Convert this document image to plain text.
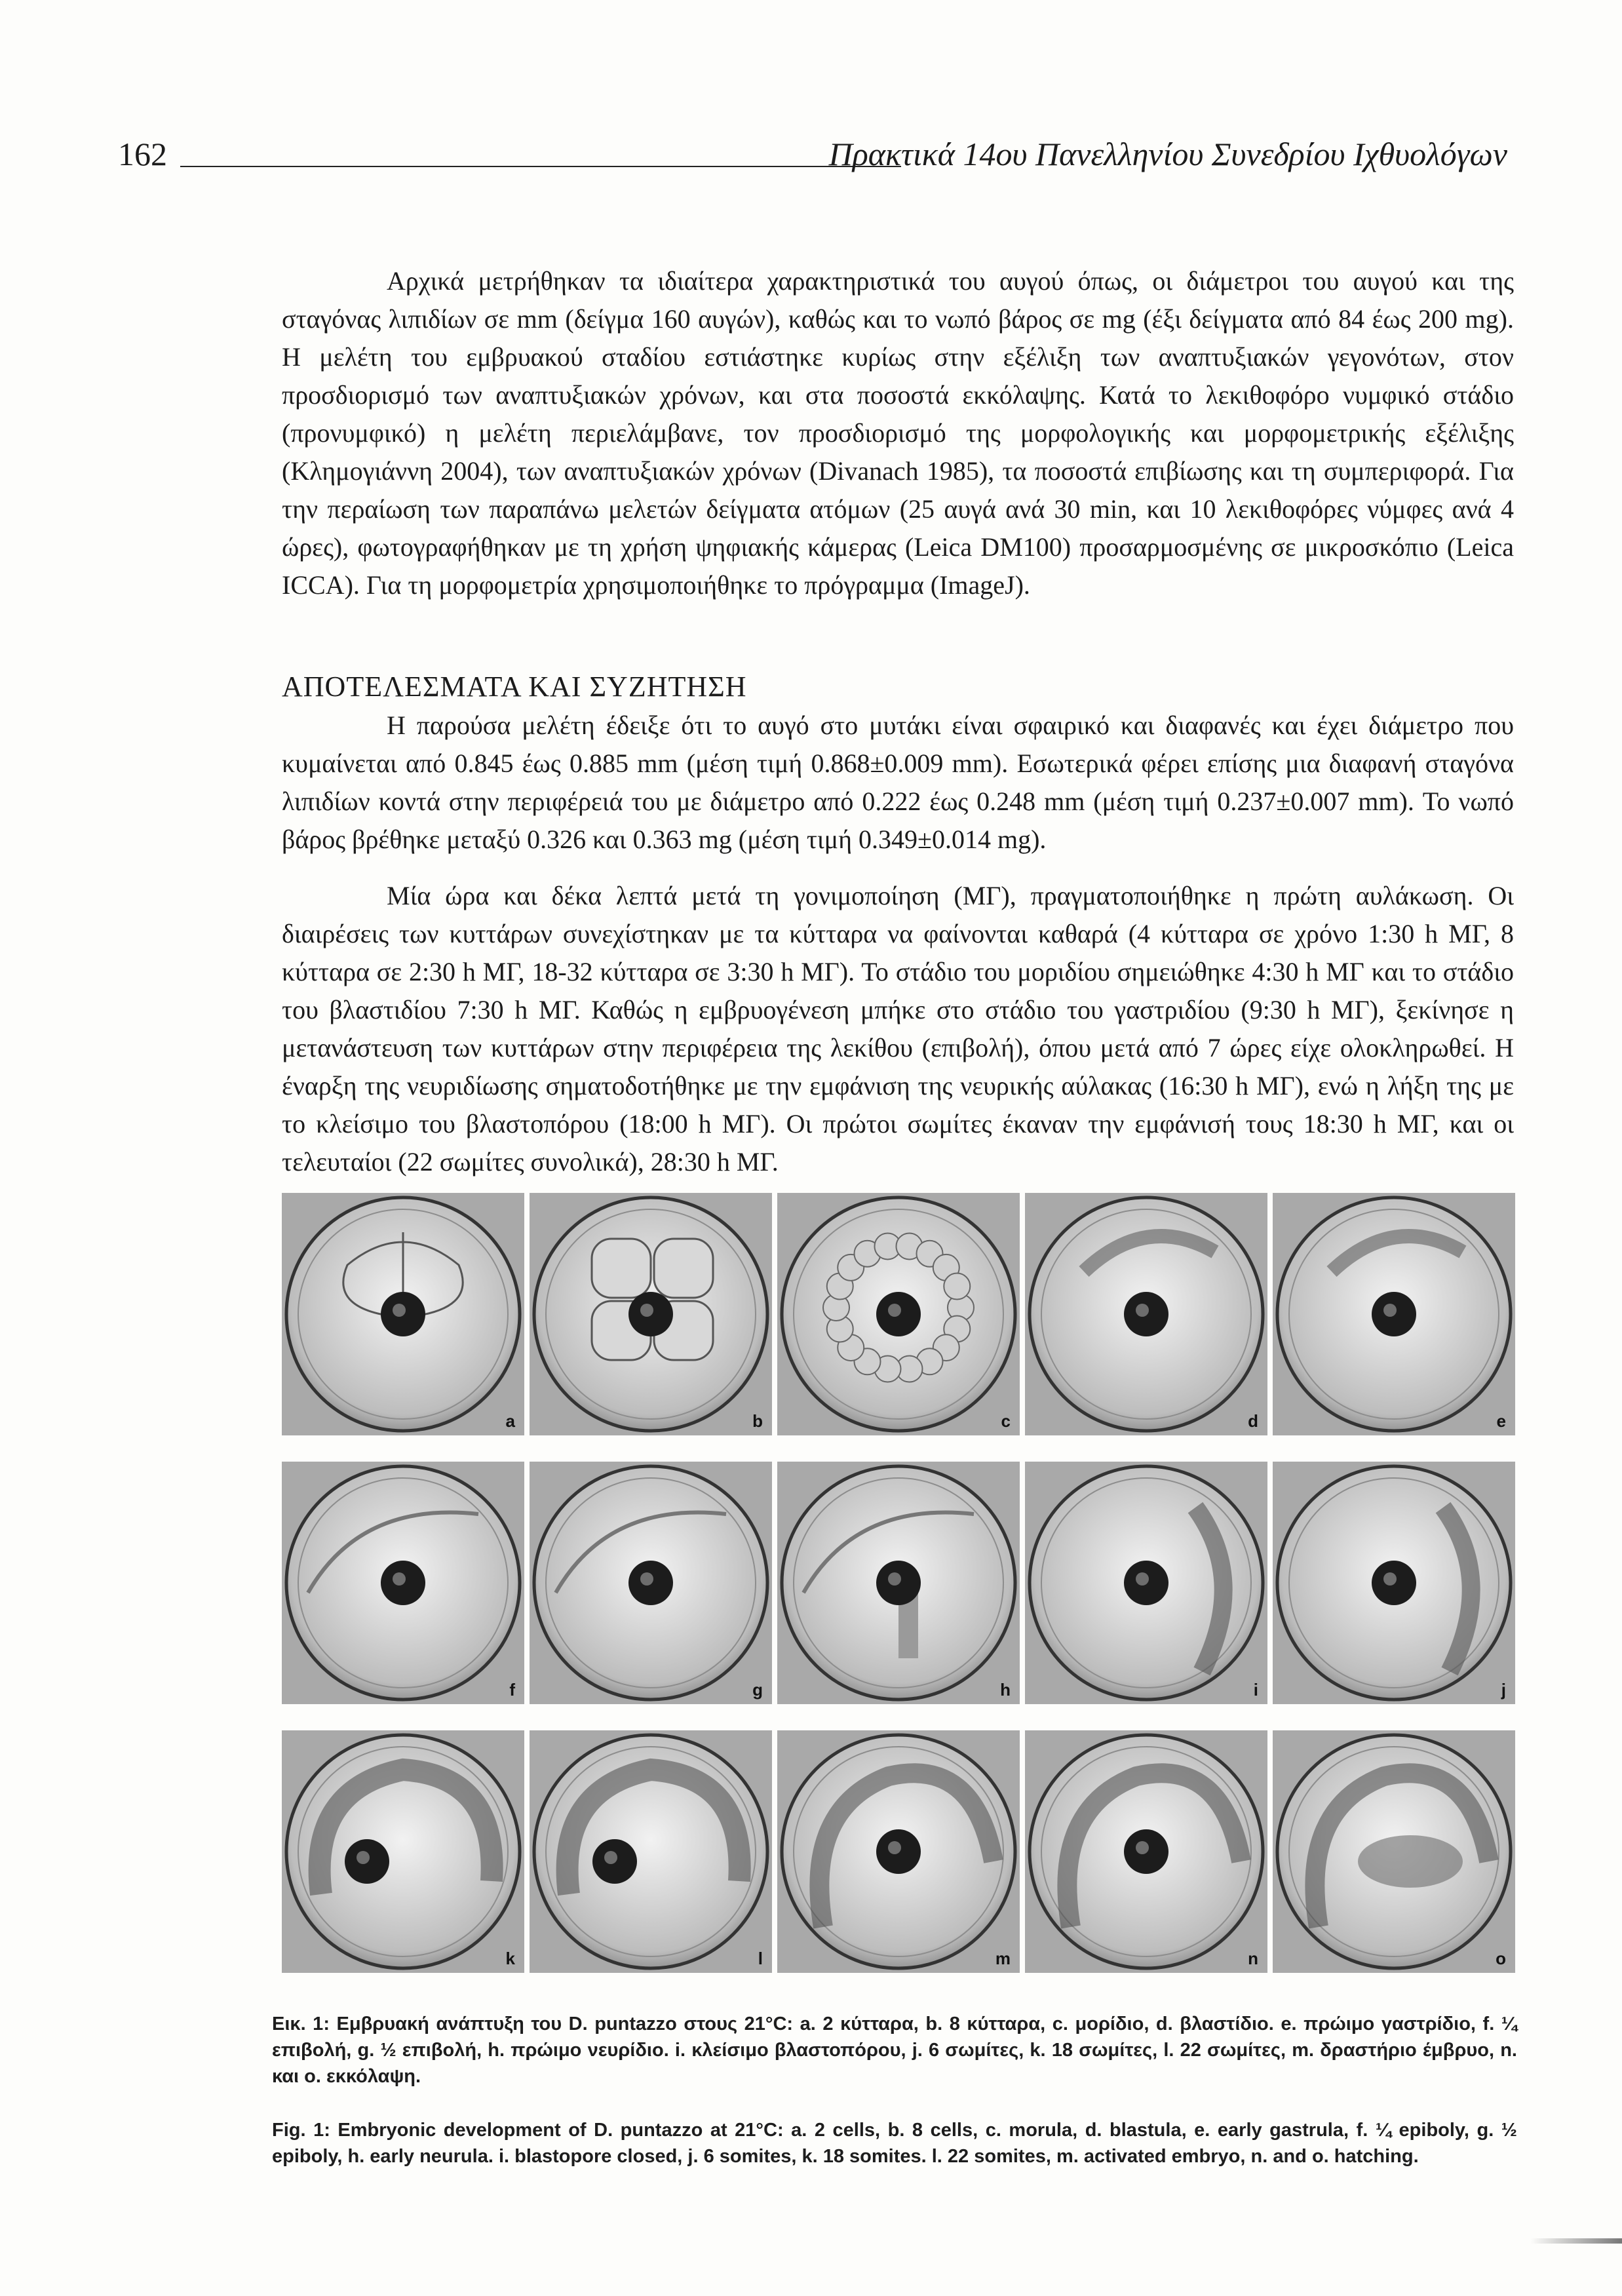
162	Πρακτικά 14ου Πανελληνίου Συνεδρίου Ιχθυολόγων

Αρχικά μετρήθηκαν τα ιδιαίτερα χαρακτηριστικά του αυγού όπως, οι διάμετροι του αυγού και της σταγόνας λιπιδίων σε mm (δείγμα 160 αυγών), καθώς και το νωπό βάρος σε mg (έξι δείγματα από 84 έως 200 mg). Η μελέτη του εμβρυακού σταδίου εστιάστηκε κυρίως στην εξέλιξη των αναπτυξιακών γεγονότων, στον προσδιορισμό των αναπτυξιακών χρόνων, και στα ποσοστά εκκόλαψης. Κατά το λεκιθοφόρο νυμφικό στάδιο (προνυμφικό) η μελέτη περιελάμβανε, τον προσδιορισμό της μορφολογικής και μορφομετρικής εξέλιξης (Κλημογιάννη 2004), των αναπτυξιακών χρόνων (Divanach 1985), τα ποσοστά επιβίωσης και τη συμπεριφορά. Για την περαίωση των παραπάνω μελετών δείγματα ατόμων (25 αυγά ανά 30 min, και 10 λεκιθοφόρες νύμφες ανά 4 ώρες), φωτογραφήθηκαν με τη χρήση ψηφιακής κάμερας (Leica DM100) προσαρμοσμένης σε μικροσκόπιο (Leica ICCA). Για τη μορφομετρία χρησιμοποιήθηκε το πρόγραμμα (ImageJ).

ΑΠΟΤΕΛΕΣΜΑΤΑ ΚΑΙ ΣΥΖΗΤΗΣΗ

Η παρούσα μελέτη έδειξε ότι το αυγό στο μυτάκι είναι σφαιρικό και διαφανές και έχει διάμετρο που κυμαίνεται από 0.845 έως 0.885 mm (μέση τιμή 0.868±0.009 mm). Εσωτερικά φέρει επίσης μια διαφανή σταγόνα λιπιδίων κοντά στην περιφέρειά του με διάμετρο από 0.222 έως 0.248 mm (μέση τιμή 0.237±0.007 mm). Το νωπό βάρος βρέθηκε μεταξύ 0.326 και 0.363 mg (μέση τιμή 0.349±0.014 mg).

Μία ώρα και δέκα λεπτά μετά τη γονιμοποίηση (ΜΓ), πραγματοποιήθηκε η πρώτη αυλάκωση. Οι διαιρέσεις των κυττάρων συνεχίστηκαν με τα κύτταρα να φαίνονται καθαρά (4 κύτταρα σε χρόνο 1:30 h ΜΓ, 8 κύτταρα σε 2:30 h ΜΓ, 18-32 κύτταρα σε 3:30 h ΜΓ). Το στάδιο του μοριδίου σημειώθηκε 4:30 h ΜΓ και το στάδιο του βλαστιδίου 7:30 h ΜΓ. Καθώς η εμβρυογένεση μπήκε στο στάδιο του γαστριδίου (9:30 h ΜΓ), ξεκίνησε η μετανάστευση των κυττάρων στην περιφέρεια της λεκίθου (επιβολή), όπου μετά από 7 ώρες είχε ολοκληρωθεί. Η έναρξη της νευριδίωσης σηματοδοτήθηκε με την εμφάνιση της νευρικής αύλακας (16:30 h ΜΓ), ενώ η λήξη της με το κλείσιμο του βλαστοπόρου (18:00 h ΜΓ). Οι πρώτοι σωμίτες έκαναν την εμφάνισή τους 18:30 h ΜΓ, και οι τελευταίοι (22 σωμίτες συνολικά), 28:30 h ΜΓ.

a	b	c	d	e
f	g	h	i	j
k	l	m	n	o

Εικ. 1: Εμβρυακή ανάπτυξη του D. puntazzo στους 21°C: a. 2 κύτταρα, b. 8 κύτταρα, c. μορίδιο, d. βλαστίδιο. e. πρώιμο γαστρίδιο, f. ¼ επιβολή, g. ½ επιβολή, h. πρώιμο νευρίδιο. i. κλείσιμο βλαστοπόρου, j. 6 σωμίτες, k. 18 σωμίτες, l. 22 σωμίτες, m. δραστήριο έμβρυο, n. και o. εκκόλαψη.

Fig. 1: Embryonic development of D. puntazzo at 21°C: a. 2 cells, b. 8 cells, c. morula, d. blastula, e. early gastrula, f. ¼ epiboly, g. ½ epiboly, h. early neurula. i. blastopore closed, j. 6 somites, k. 18 somites. l. 22 somites, m. activated embryo, n. and o. hatching.
